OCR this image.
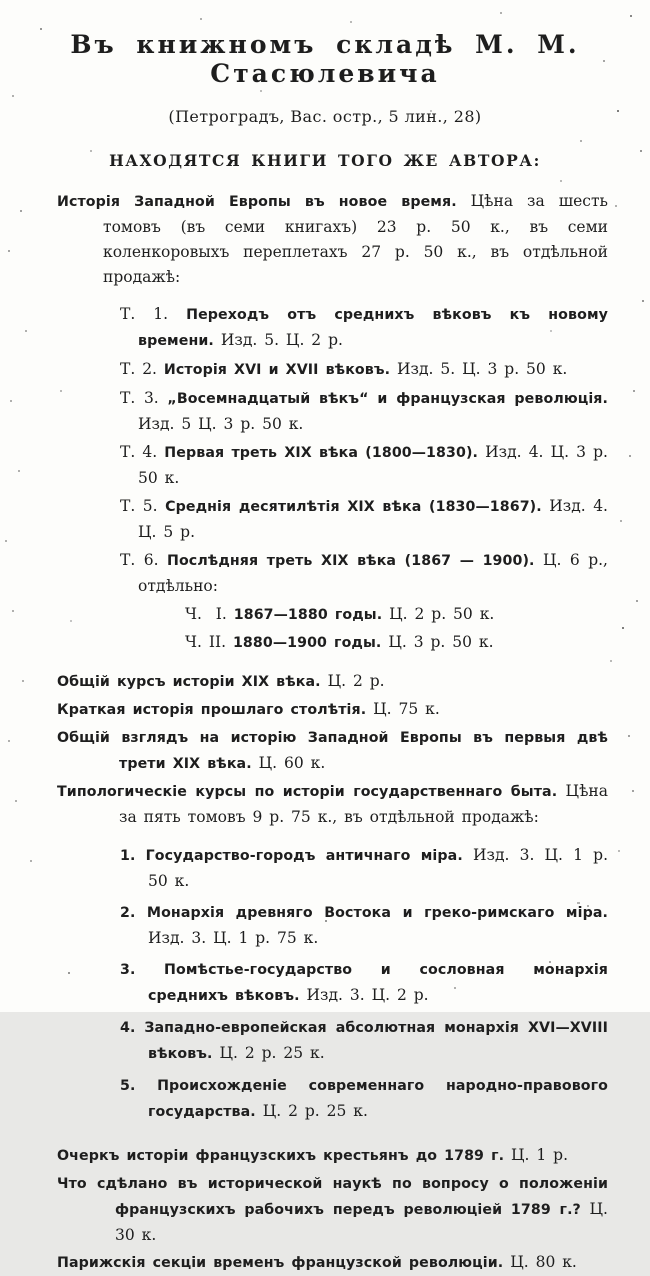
Въ книжномъ складѣ М. М. Стасюлевича
(Петроградъ, Вас. остр., 5 лин., 28)
НАХОДЯТСЯ КНИГИ ТОГО ЖЕ АВТОРА:

Исторія Западной Европы въ новое время. Цѣна за шесть томовъ (въ семи книгахъ) 23 р. 50 к., въ семи коленкоровыхъ переплетахъ 27 р. 50 к., въ отдѣльной продажѣ:

Т. 1. Переходъ отъ среднихъ вѣковъ къ новому времени. Изд. 5. Ц. 2 р.

Т. 2. Исторія XVI и XVII вѣковъ. Изд. 5. Ц. 3 р. 50 к.

Т. 3. „Восемнадцатый вѣкъ“ и французская революція. Изд. 5 Ц. 3 р. 50 к.

Т. 4. Первая треть XIX вѣка (1800—1830). Изд. 4. Ц. 3 р. 50 к.

Т. 5. Среднія десятилѣтія XIX вѣка (1830—1867). Изд. 4. Ц. 5 р.

Т. 6. Послѣдняя треть XIX вѣка (1867 — 1900). Ц. 6 р., отдѣльно:

Ч.  I. 1867—1880 годы. Ц. 2 р. 50 к.

Ч. II. 1880—1900 годы. Ц. 3 р. 50 к.

Общій курсъ исторіи XIX вѣка. Ц. 2 р.

Краткая исторія прошлаго столѣтія. Ц. 75 к.

Общій взглядъ на исторію Западной Европы въ первыя двѣ трети XIX вѣка. Ц. 60 к.

Типологическіе курсы по исторіи государственнаго быта. Цѣна за пять томовъ 9 р. 75 к., въ отдѣльной продажѣ:

1. Государство-городъ античнаго міра. Изд. 3. Ц. 1 р. 50 к.

2. Монархія древняго Востока и греко-римскаго міра. Изд. 3. Ц. 1 р. 75 к.

3. Помѣстье-государство и сословная монархія среднихъ вѣковъ. Изд. 3. Ц. 2 р.

4. Западно-европейская абсолютная монархія XVI—XVIII вѣковъ. Ц. 2 р. 25 к.

5. Происхожденіе современнаго народно-правового государства. Ц. 2 р. 25 к.

Очеркъ исторіи французскихъ крестьянъ до 1789 г. Ц. 1 р.

Что сдѣлано въ исторической наукѣ по вопросу о положеніи французскихъ рабочихъ передъ революціей 1789 г.? Ц. 30 к.

Парижскія секціи временъ французской революціи. Ц. 80 к.
